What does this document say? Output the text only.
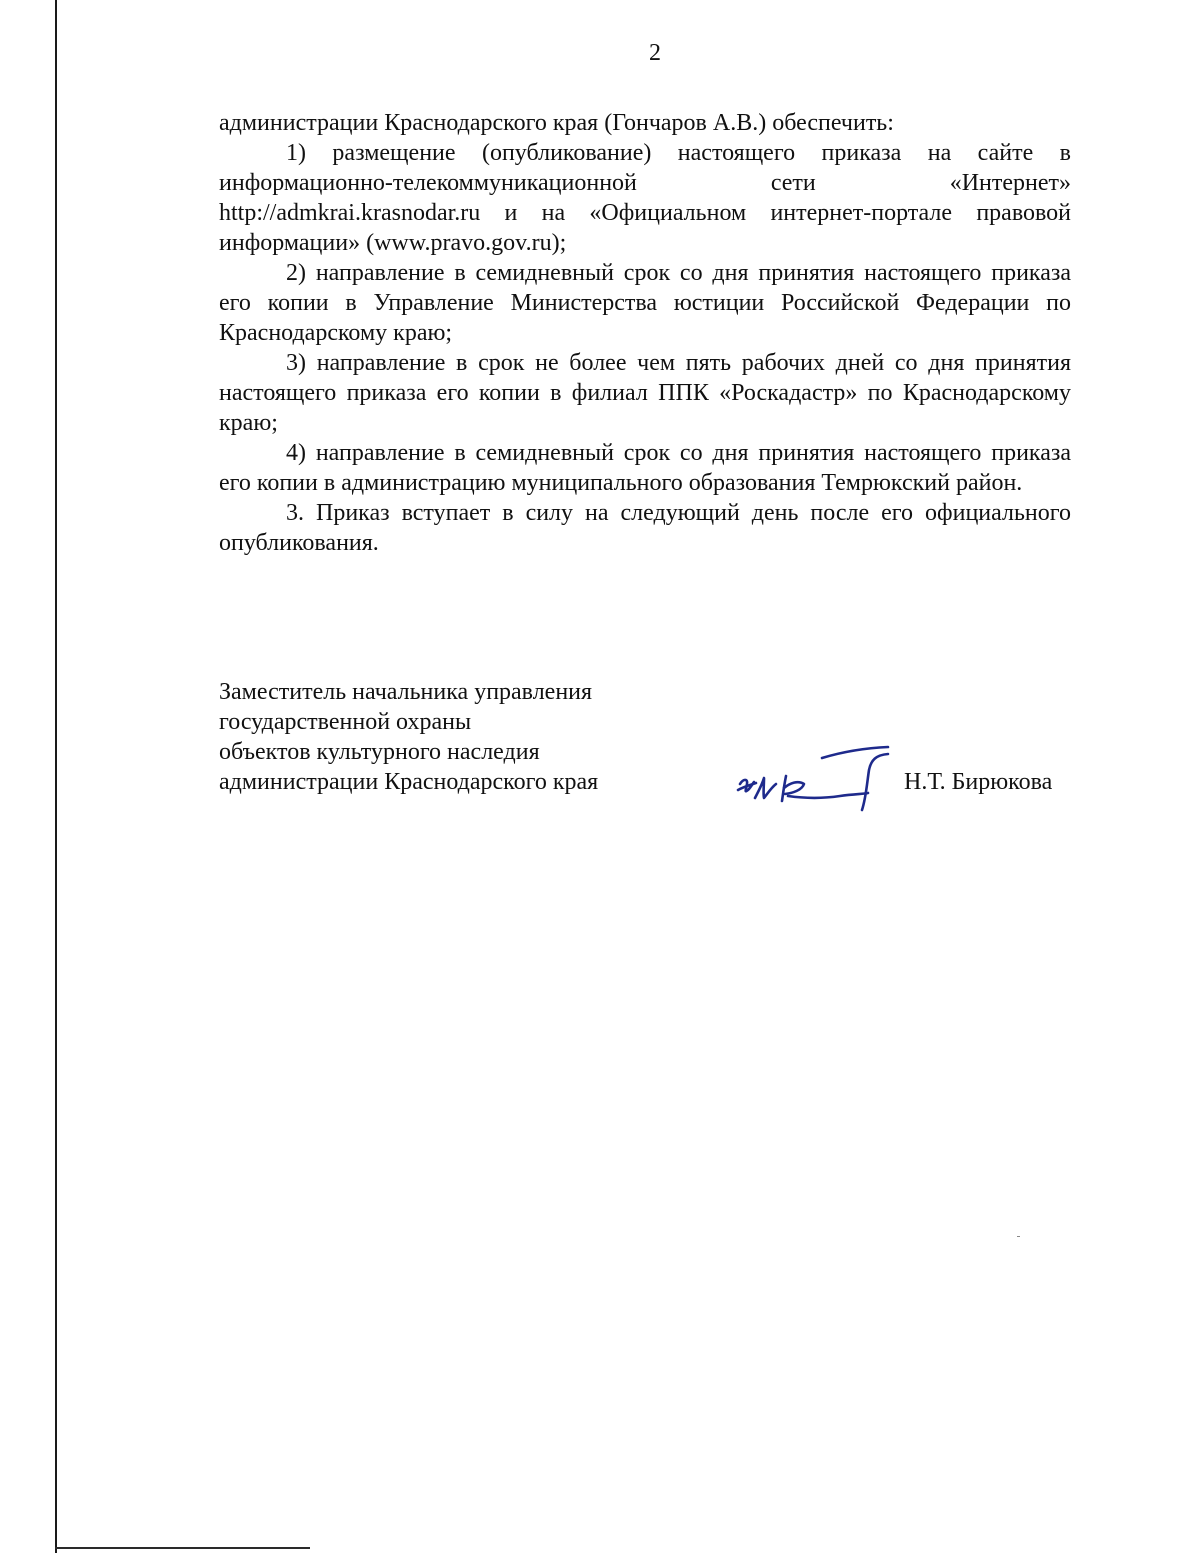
2

администрации Краснодарского края (Гончаров А.В.) обеспечить:

1) размещение (опубликование) настоящего приказа на сайте в информационно-телекоммуникационной сети «Интернет» http://admkrai.krasnodar.ru и на «Официальном интернет-портале правовой информации» (www.pravo.gov.ru);

2) направление в семидневный срок со дня принятия настоящего приказа его копии в Управление Министерства юстиции Российской Федерации по Краснодарскому краю;

3) направление в срок не более чем пять рабочих дней со дня принятия настоящего приказа его копии в филиал ППК «Роскадастр» по Краснодарскому краю;

4) направление в семидневный срок со дня принятия настоящего приказа его копии в администрацию муниципального образования Темрюкский район.

3. Приказ вступает в силу на следующий день после его официального опубликования.

Заместитель начальника управления
государственной охраны
объектов культурного наследия
администрации Краснодарского края	Н.Т. Бирюкова
